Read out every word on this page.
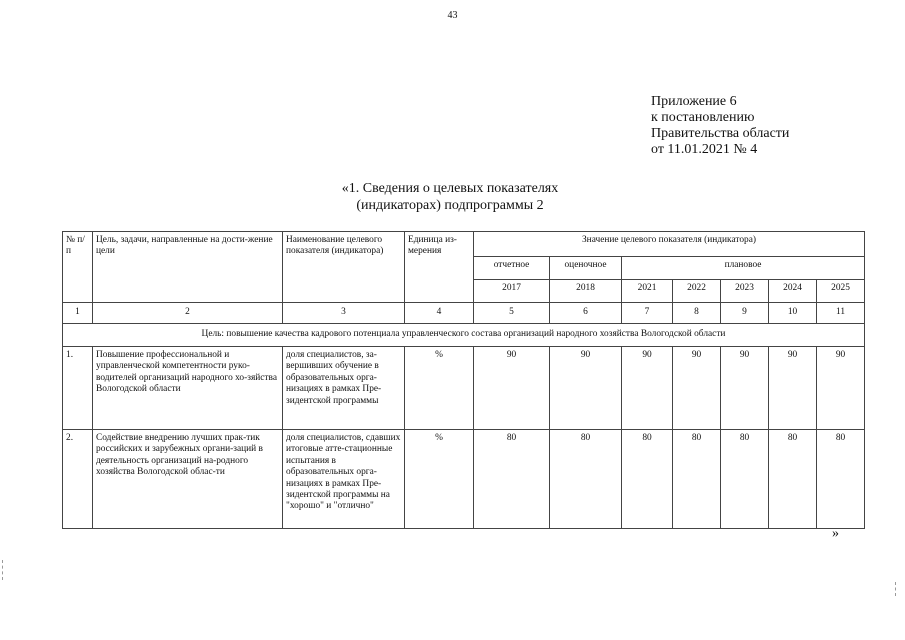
43
Приложение 6
к постановлению
Правительства области
от 11.01.2021 № 4
«1. Сведения о целевых показателях
(индикаторах) подпрограммы 2
№ п/п	Цель, задачи, направленные на дости-жение цели	Наименование целевого показателя (индикатора)	Единица из-мерения	Значение целевого показателя (индикатора)						
				отчетное	оценочное	плановое				
				2017	2018	2021	2022	2023	2024	2025
1	2	3	4	5	6	7	8	9	10	11
Цель: повышение качества кадрового потенциала управленческого состава организаций народного хозяйства Вологодской области										
1.	Повышение профессиональной и управленческой компетентности руко-водителей организаций народного хо-зяйства Вологодской области	доля специалистов, за-вершивших обучение в образовательных орга-низациях в рамках Пре-зидентской программы	%	90	90	90	90	90	90	90
2.	Содействие внедрению лучших прак-тик российских и зарубежных органи-заций в деятельность организаций на-родного хозяйства Вологодской облас-ти	доля специалистов, сдавших итоговые атте-стационные испытания в образовательных орга-низациях в рамках Пре-зидентской программы на "хорошо" и "отлично"	%	80	80	80	80	80	80	80
»
